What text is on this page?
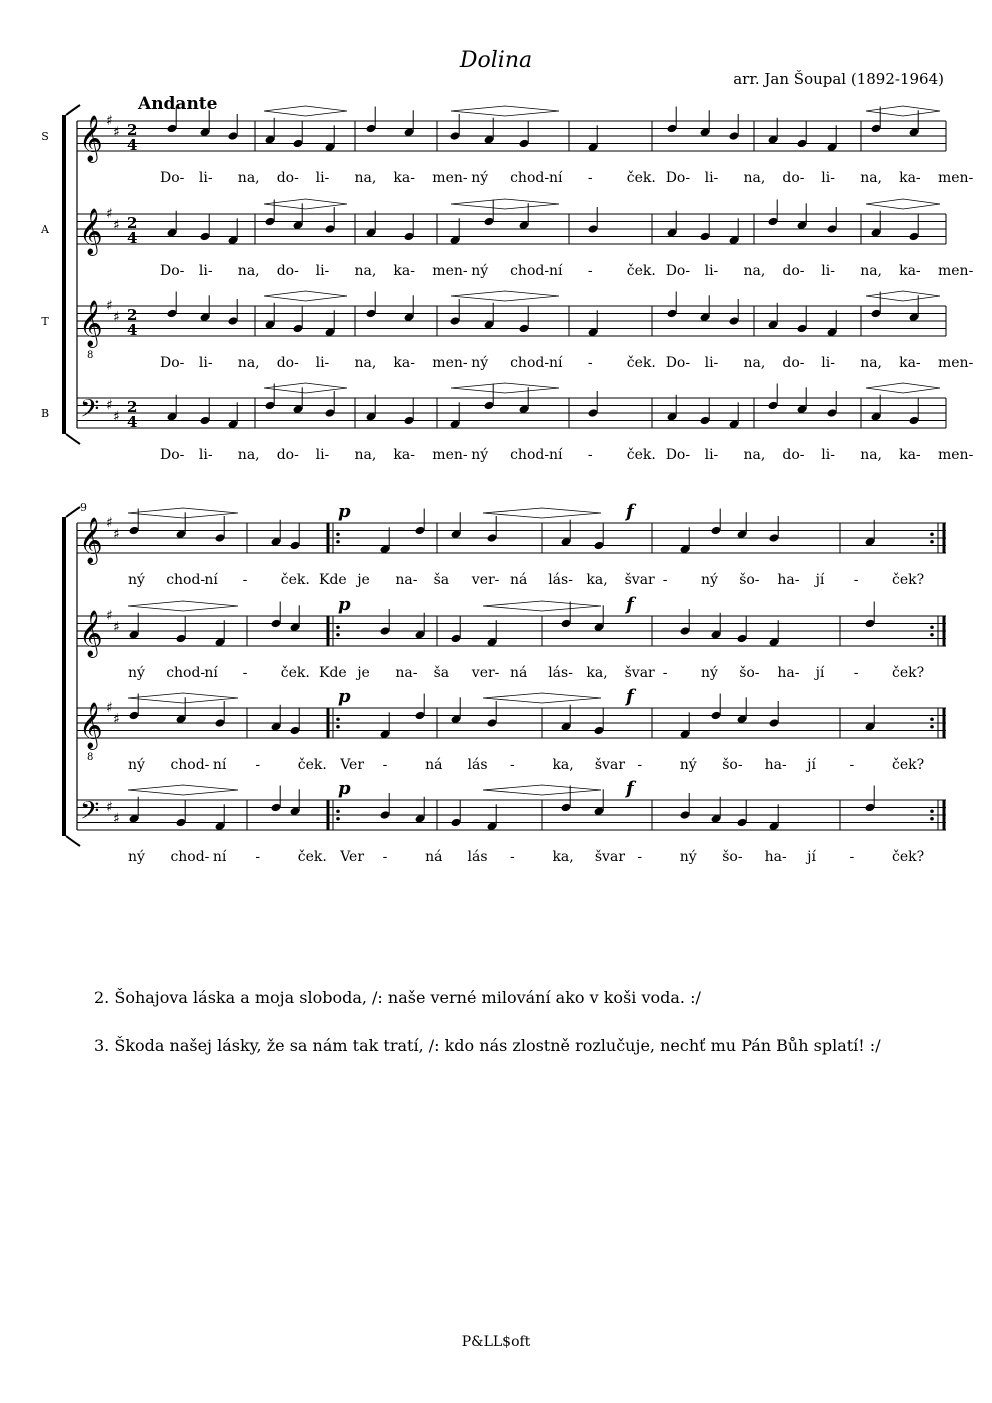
Dolina
arr. Jan Šoupal (1892-1964)
Andante
S 𝄞 ♯
♯ 2
4
Do- li- na, do- li- na, ka- men- ný chod- ní - ček. Do- li- na, do- li- na, ka- men-
A 𝄞 ♯
♯ 2
4
Do- li- na, do- li- na, ka- men- ný chod- ní - ček. Do- li- na, do- li- na, ka- men-
T 𝄞
8
♯
♯ 2
4
Do- li- na, do- li- na, ka- men- ný chod- ní - ček. Do- li- na, do- li- na, ka- men-
B 𝄢 ♯
♯
2
4
Do- li- na, do- li- na, ka- men- ný chod- ní - ček. Do- li- na, do- li- na, ka- men-
𝄞 ♯
♯
p	f
ný chod- ní - ček. Kde je na- ša ver- ná lás- ka, švar - ný šo- ha- jí - ček?
𝄞 ♯
♯
p	f
ný chod- ní - ček. Kde je na- ša ver- ná lás- ka, švar - ný šo- ha- jí - ček?
𝄞
8
♯
♯
p	f
ný chod- ní -	ček. Ver -	ná lás -	ka, švar -	ný šo- ha- jí -	ček?
𝄢 ♯
♯
p	f
ný chod- ní -	ček. Ver -	ná lás -	ka, švar -	ný šo- ha- jí -	ček?
9
2. Šohajova láska a moja sloboda, /: naše verné milování ako v koši voda. :/
3. Škoda našej lásky, že sa nám tak tratí, /: kdo nás zlostně rozlučuje, nechť mu Pán Bůh splatí! :/
P&LL$oft
